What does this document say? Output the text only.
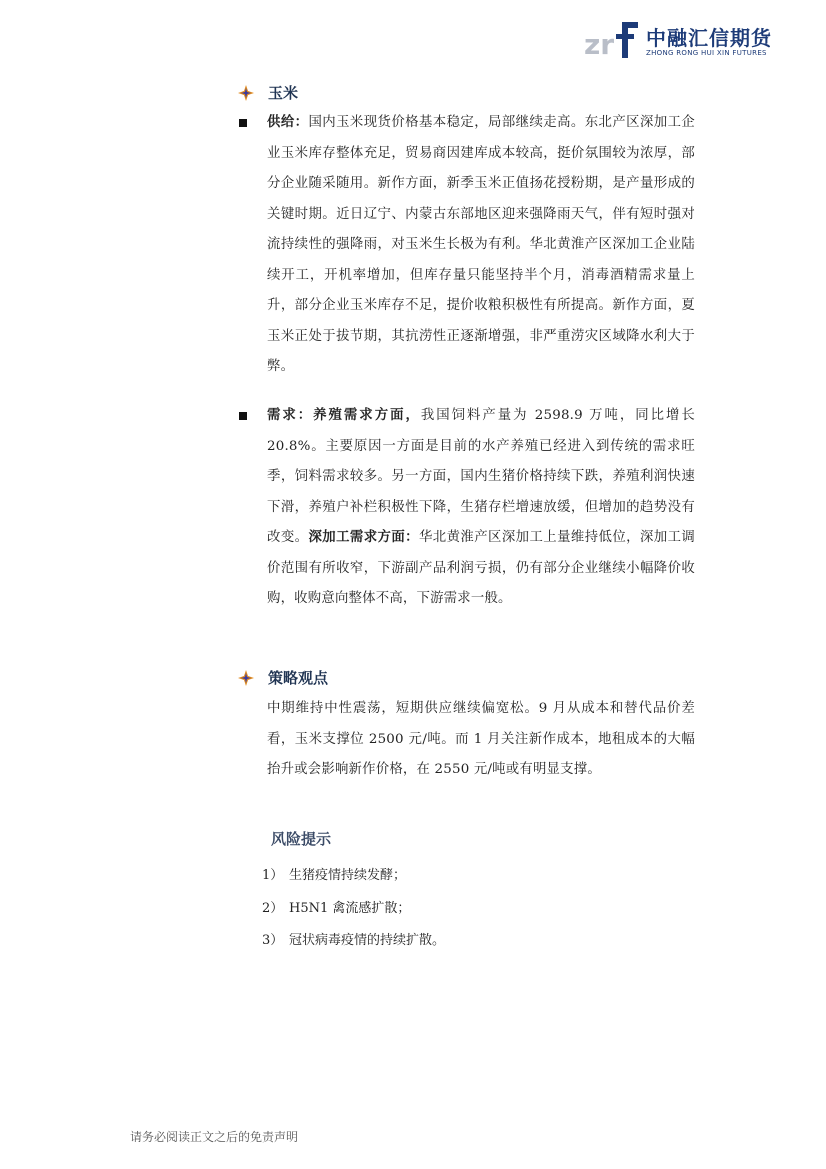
zr 中融汇信期货
ZHONG RONG HUI XIN FUTURES
玉米
供给：国内玉米现货价格基本稳定，局部继续走高。东北产区深加工企业玉米库存整体充足，贸易商因建库成本较高，挺价氛围较为浓厚，部分企业随采随用。新作方面，新季玉米正值扬花授粉期，是产量形成的关键时期。近日辽宁、内蒙古东部地区迎来强降雨天气，伴有短时强对流持续性的强降雨，对玉米生长极为有利。华北黄淮产区深加工企业陆续开工，开机率增加，但库存量只能坚持半个月，消毒酒精需求量上升，部分企业玉米库存不足，提价收粮积极性有所提高。新作方面，夏玉米正处于拔节期，其抗涝性正逐渐增强，非严重涝灾区域降水利大于弊。
需求：养殖需求方面，我国饲料产量为 2598.9 万吨，同比增长 20.8%。主要原因一方面是目前的水产养殖已经进入到传统的需求旺季，饲料需求较多。另一方面，国内生猪价格持续下跌，养殖利润快速下滑，养殖户补栏积极性下降，生猪存栏增速放缓，但增加的趋势没有改变。深加工需求方面：华北黄淮产区深加工上量维持低位，深加工调价范围有所收窄，下游副产品利润亏损，仍有部分企业继续小幅降价收购，收购意向整体不高，下游需求一般。
策略观点
中期维持中性震荡，短期供应继续偏宽松。9 月从成本和替代品价差看，玉米支撑位 2500 元/吨。而 1 月关注新作成本，地租成本的大幅抬升或会影响新作价格，在 2550 元/吨或有明显支撑。
风险提示
1） 生猪疫情持续发酵；
2） H5N1 禽流感扩散；
3） 冠状病毒疫情的持续扩散。
请务必阅读正文之后的免责声明
